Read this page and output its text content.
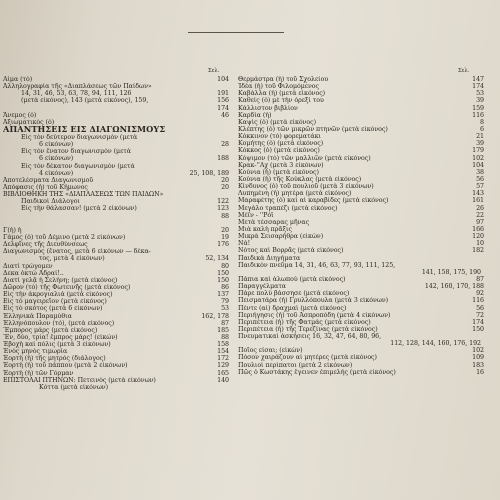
Σελ.	Σελ.
Αἷμα (τὸ)	104
Ἀλληλογραφία τῆς «Διαπλάσεως τῶν Παίδων»
14, 31, 46, 53, 63, 78, 94, 111, 126	191
(μετὰ εἰκόνος), 143 (μετὰ εἰκόνος), 159,	156
174
Ἄνεμος (ὁ)	46
Ἀξιωματικὸς (ὁ)
ΑΠΑΝΤΗΣΕΙΣ ΕΙΣ ΔΙΑΓΩΝΙΣΜΟΥΣ
Εἰς τὸν δεύτερον διαγωνισμὸν (μετὰ
6 εἰκόνων)	28
Εἰς τὸν ἔνατον διαγωνισμὸν (μετὰ
6 εἰκόνων)	188
Εἰς τὸν δέκατον διαγωνισμὸν (μετὰ
4 εἰκόνων)	25, 108, 189
Ἀποτελέσματα Διαγωνισμοῦ	20
Ἀπόφασις (ἡ) τοῦ Κήμωνος	20
ΒΙΒΛΙΟΘΗΚΗ ΤΗΣ «ΔΙΑΠΛΑΣΕΩΣ ΤΩΝ ΠΑΙΔΩΝ»
Παιδικοὶ Διάλογοι	122
Εἰς τὴν θάλασσαν! (μετὰ 2 εἰκόνων)	123
88
Γ(ἡ) ἡ	20
Γάμος (ὁ) τοῦ Δέμινο (μετὰ 2 εἰκόνων)	19
Δελφῖνες τῆς Διευθύνσεως	176
Διαγωνισμὸς (ἔνατος, μετὰ 6 εἰκόνων — δέκα-
τος, μετὰ 4 εἰκόνων)	52, 134
Διατὶ τρώγομεν	80
Δεκα ὀκτὼ Ἀδραί!..	150
Διατὶ γελᾷ ἡ Σελήνη; (μετὰ εἰκόνος)	150
Δῶρον (τὸ) τῆς Φωτεινῆς (μετὰ εἰκόνος)	86
Εἰς τὴν ἀκρογιαλιά (μετὰ εἰκόνος)	137
Εἰς τὸ μαγειρεῖον (μετὰ εἰκόνος)	79
Εἰς τὸ σκότος (μετὰ 6 εἰκόνων)	53
Ἑλληνικὰ Παραμύθια	162, 178
Ἑλληνόπουλον (τό), (μετὰ εἰκόνος)	87
Ἔμπορος μάρς (μετὰ εἰκόνος)	185
Ἔν, δύο, τρία! ἔμπρος μάρς! (εἰκών)	88
Ἐβοχὴ καὶ πόλις (μετὰ 3 εἰκόνων)	158
Ἐνὸς μηνὸς τιμωρία	154
Ἑορτὴ (ἡ) τῆς μητρός (διάλογος)	172
Ἑορτὴ (ἡ) τοῦ πάππου (μετὰ 2 εἰκόνων)	129
Ἑορτὴ (ἡ) τῶν Γόρμαν	165
ΕΠΙΣΤΟΛΑΙ ΠΤΗΝΩΝ: Πετεινὸς (μετὰ εἰκόνων)	140
Κόττα (μετὰ εἰκόνων)
Θερμάστρα (ἡ) τοῦ Σχολείου	147
Ἰδέα (ἡ) τοῦ Φιλομόμενος	174
Καβάλλα (ἡ) (μετὰ εἰκόνος)	53
Καθείς (ὁ) μὲ τὴν ὀρεξί του	39
Κάλλιστον βιβλίον	159
Καρδία (ἡ)	116
Καψὶς (ὁ) (μετὰ εἰκόνος)	8
Κλέπτης (ὁ) τῶν μικρῶν πτηνῶν (μετὰ εἰκόνος)	6
Κόκκινον (τὸ) φορεματάκι	21
Κομήτης (ὁ) (μετὰ εἰκόνος)	39
Κόκκος (ὁ) (μετὰ εἰκόνος)	179
Κόψιμον (τὸ) τῶν μαλλιῶν (μετὰ εἰκόνος)	102
Κρακ-''Αχ (μετὰ 3 εἰκόνων)	104
Κούνια (ἡ) (μετὰ εἰκόνος)	38
Κούνια (ἡ) τῆς Κούκλας (μετὰ εἰκόνος)	56
Κίνδυνος (ὁ) τοῦ πουλιοῦ (μετὰ 3 εἰκόνων)	57
Λυπημένη (ἡ) μητέρα (μετὰ εἰκόνος)	143
Μαραφέτης (ὁ) καὶ αἱ καραβίδες (μετὰ εἰκόνος)	161
Μεγάλο τραπέζι (μετὰ εἰκόνος)	26
Μέϊν - ''Ρόϊ	22
Μετὰ τέσσαρας μῆνας	97
Μιὰ καλὴ πρᾶξις	166
Μικρὰ Σεισαρήθρα (εἰκὼν)	120
Νά!	10
Νότος καὶ Βορρᾶς (μετὰ εἰκόνος)	182
Παιδικὰ Διηγήματα
Παιδικὸν πνεῦμα 14, 31, 46, 63, 77, 93, 111, 125,
141, 158, 175, 190
Πάπια καὶ ἀλωπού (μετὰ εἰκόνος)	87
Παραγγέλματα	142, 160, 170, 188
Πάρε πολὺ βάσσησε (μετὰ εἰκόνος)	92
Πεισματάρα (ἡ) Γρυλλόπουλα (μετὰ 3 εἰκόνων)	116
Πέντε (αἱ) δραχμαὶ (μετὰ εἰκόνος)	56
Περιήγησις (ἡ) τοῦ Ἀσπροπόδη (μετὰ 4 εἰκόνων)	72
Περιπέτεια (ἡ) τῆς Φατμάς (μετὰ εἰκόνος)	174
Περιπέτεια (ἡ) τῆς Τερεζίνας (μετὰ εἰκόνος)	150
Πνευματικαὶ ἀσκήσεις 16, 32, 47, 64, 80, 96,
112, 128, 144, 160, 176, 192
Ποῖος εἶσαι; (εἰκὼν)	102
Πόσον χαιράζουν αἱ μητέρες (μετὰ εἰκόνος)	109
Πουλιοὶ περίπατοι (μετὰ 2 εἰκόνων)	183
Πῶς ὁ Κωστάκης ἔγεινεν ἐπιμελής (μετὰ εἰκόνος)	16
